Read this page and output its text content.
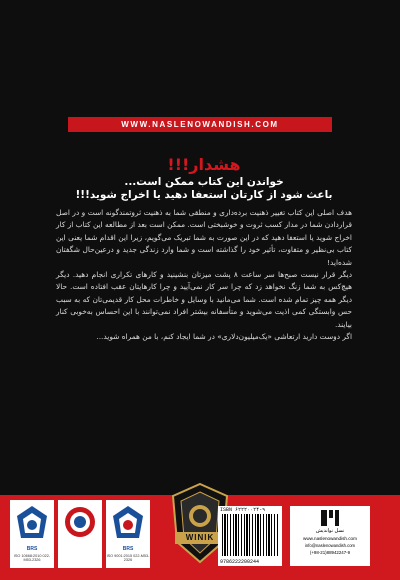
WWW.NASLENOWANDISH.COM
هشدار!!!
خواندن این کتاب ممکن است...
باعث شود از کارتان استعفا دهید یا اخراج شوید!!!

هدف اصلی این کتاب تغییر ذهنیت برده‌داری و منطقی شما به ذهنیت ثروتمندگونه است و در اصل قراردادن شما در مدار کسب ثروت و خوشبختی است. ممکن است بعد از مطالعه این کتاب از کار اخراج شوید یا استعفا دهید که در این صورت به شما تبریک می‌گویم، زیرا این اقدام شما یعنی این کتاب بی‌نظیر و متفاوت، تأثیر خود را گذاشته است و شما وارد زندگی جدید و درعین‌حال شگفتان شده‌اید!

دیگر قرار نیست صبح‌ها سر ساعت ۸ پشت میزتان بنشینید و کارهای تکراری انجام دهید. دیگر هیچ‌کس به شما زنگ نخواهد زد که چرا سر کار نمی‌آیید و چرا کارهایتان عقب افتاده است. حالا دیگر همه چیز تمام شده است. شما می‌مانید با وسایل و خاطرات محل کار قدیمی‌تان که به سبب حس وابستگی کمی اذیت می‌شوید و متأسفانه بیشتر افراد نمی‌توانند با این احساس به‌خوبی کنار بیایند.

اگر دوست دارید ارتعاشی «یک‌میلیون‌دلاری» در شما ایجاد کنم، با من همراه شوید...

BRS
ISO 10668:2010 022-M53-2326
BRS
ISO 9001:2015 022-M53-2326
WINIK
ISBN ۶۲۲۲۰۰۲۴-۹
9786222200244
نسل نواندیش
www.naslenowandish.com
info@naslenowandish.com
(+98-21)88942247-9
